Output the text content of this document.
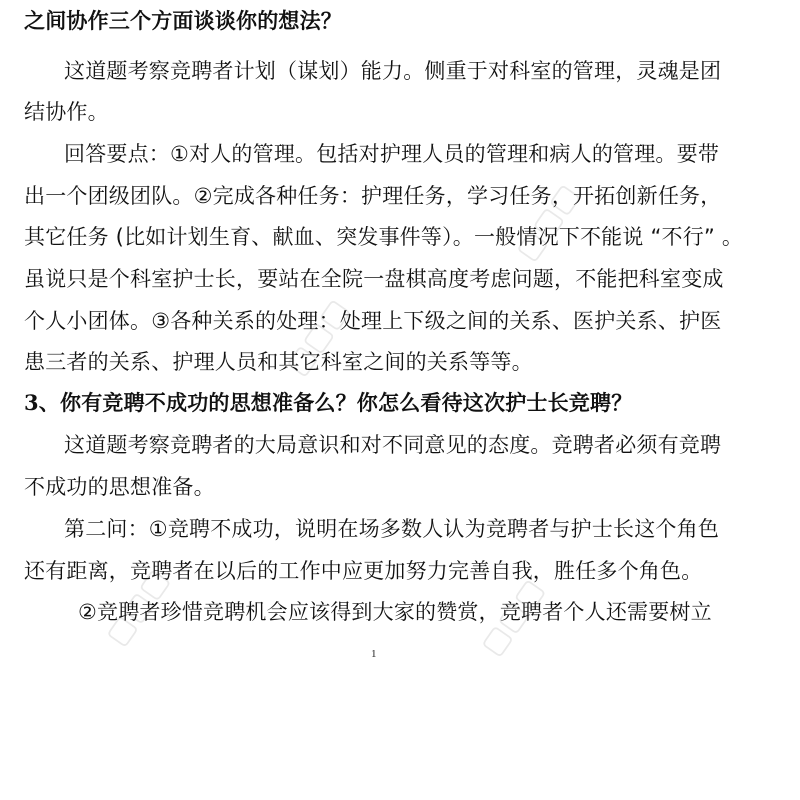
▢▢▢
▢▢▢
▢▢▢	▢▢▢
之间协作三个方面谈谈你的想法？
这道题考察竞聘者计划（谋划）能力。侧重于对科室的管理，灵魂是团
结协作。
回答要点：①对人的管理。包括对护理人员的管理和病人的管理。要带
出一个团级团队。②完成各种任务：护理任务，学习任务，开拓创新任务，
其它任务 (比如计划生育、献血、突发事件等）。一般情况下不能说 “不行” 。
虽说只是个科室护士长，要站在全院一盘棋高度考虑问题，不能把科室变成
个人小团体。③各种关系的处理：处理上下级之间的关系、医护关系、护医
患三者的关系、护理人员和其它科室之间的关系等等。
3、你有竞聘不成功的思想准备么？你怎么看待这次护士长竞聘？
这道题考察竞聘者的大局意识和对不同意见的态度。竞聘者必须有竞聘
不成功的思想准备。
第二问：①竞聘不成功，说明在场多数人认为竞聘者与护士长这个角色
还有距离，竞聘者在以后的工作中应更加努力完善自我，胜任多个角色。
②竞聘者珍惜竞聘机会应该得到大家的赞赏，竞聘者个人还需要树立
1
